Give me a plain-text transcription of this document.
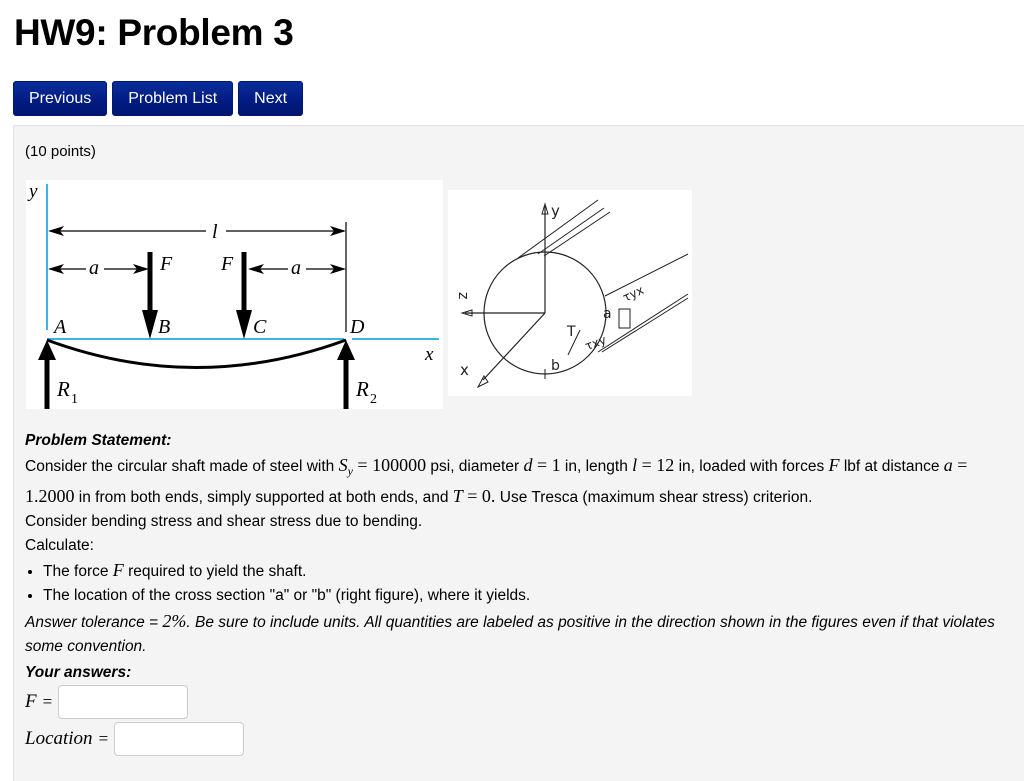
HW9: Problem 3
Previous	Problem List	Next
(10 points)
y
x
l
a	a
F F
A	B	C	D
R 1	R 2
y
z
x
a
τyx
τxy
T
b
Problem Statement:
Consider the circular shaft made of steel with $S_y = 100000$ psi, diameter d = 1 in, length l = 12 in, loaded with forces F lbf at distance a = 1.2000 in from both ends, simply supported at both ends, and T = 0. Use Tresca (maximum shear stress) criterion.
Consider bending stress and shear stress due to bending.
Calculate:
• The force F required to yield the shaft.
• The location of the cross section "a" or "b" (right figure), where it yields.
Answer tolerance = 2%. Be sure to include units. All quantities are labeled as positive in the direction shown in the figures even if that violates some convention.
Your answers:
F =
Location =
